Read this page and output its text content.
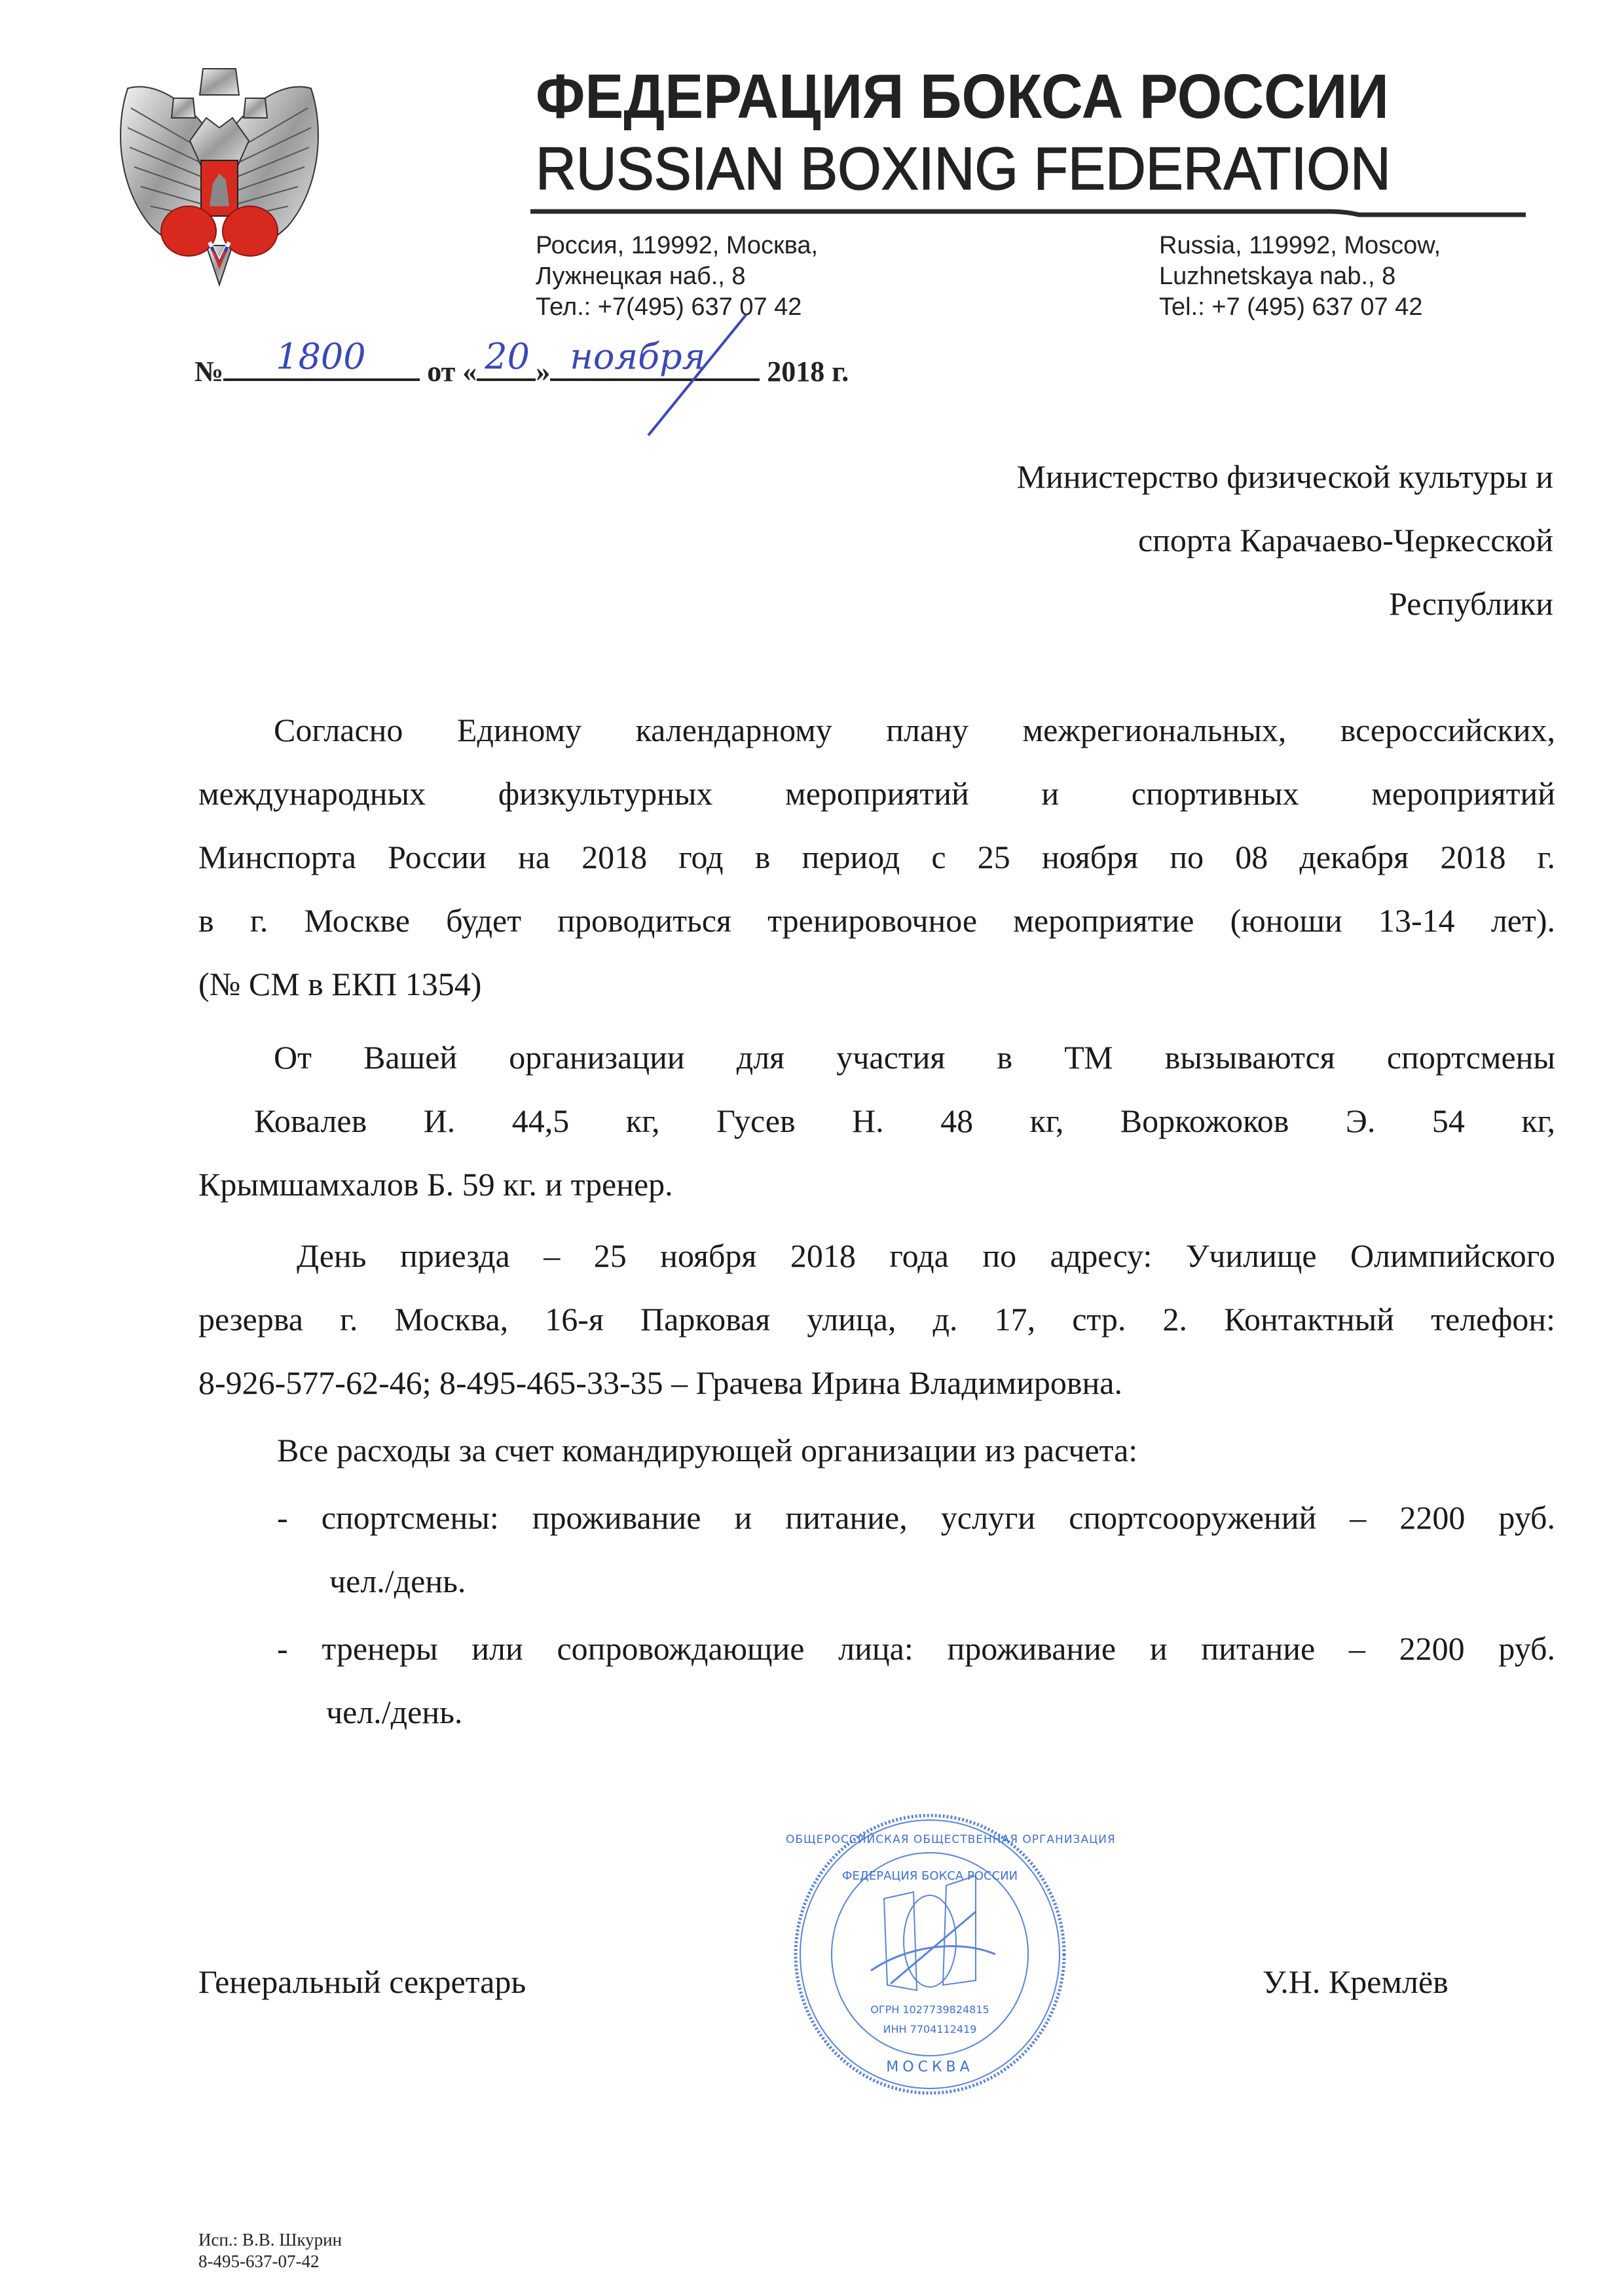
ФЕДЕРАЦИЯ БОКСА РОССИИ
RUSSIAN BOXING FEDERATION
Россия, 119992, Москва,
Лужнецкая наб., 8
Тел.: +7(495) 637 07 42
Russia, 119992, Moscow,
Luzhnetskaya nab., 8
Tel.: +7 (495) 637 07 42
№ 1800 от « 20 » ноября 2018 г.
Министерство физической культуры и
спорта Карачаево-Черкесской
Республики
Согласно Единому календарному плану межрегиональных, всероссийских,
международных физкультурных мероприятий и спортивных мероприятий
Минспорта России на 2018 год в период с 25 ноября по 08 декабря 2018 г.
в г. Москве будет проводиться тренировочное мероприятие (юноши 13-14 лет).
(№ СМ в ЕКП 1354)
От Вашей организации для участия в ТМ вызываются спортсмены
Ковалев И. 44,5 кг, Гусев Н. 48 кг, Воркожоков Э. 54 кг,
Крымшамхалов Б. 59 кг. и тренер.
День приезда – 25 ноября 2018 года по адресу: Училище Олимпийского
резерва г. Москва, 16-я Парковая улица, д. 17, стр. 2. Контактный телефон:
8-926-577-62-46; 8-495-465-33-35 – Грачева Ирина Владимировна.
Все расходы за счет командирующей организации из расчета:
- спортсмены: проживание и питание, услуги спортсооружений – 2200 руб.
чел./день.
- тренеры или сопровождающие лица: проживание и питание – 2200 руб.
чел./день.
Генеральный секретарь
ОБЩЕРОССИЙСКАЯ ОБЩЕСТВЕННАЯ ОРГАНИЗАЦИЯ
ФЕДЕРАЦИЯ БОКСА РОССИИ
ОГРН 1027739824815
ИНН 7704112419
МОСКВА
У.Н. Кремлёв
Исп.: В.В. Шкурин
8-495-637-07-42
